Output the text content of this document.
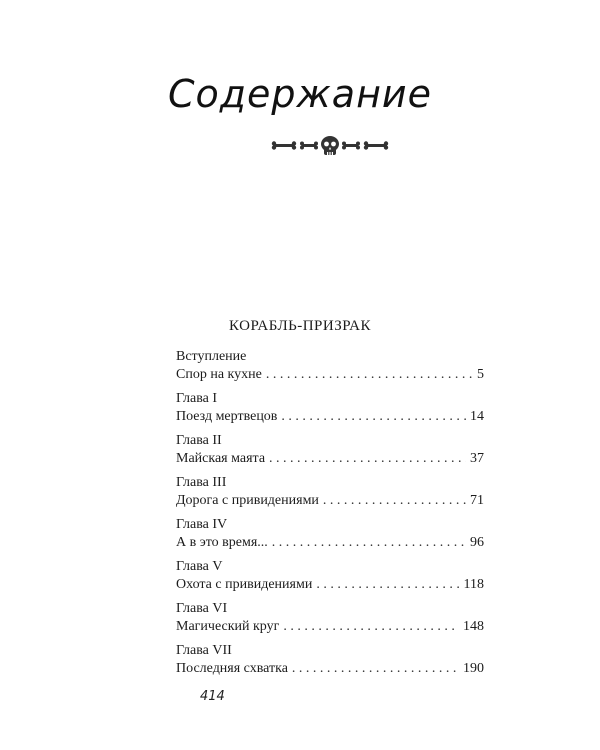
Содержание
КОРАБЛЬ-ПРИЗРАК
Вступление
Спор на кухне . . .	5
Глава I
Поезд мертвецов . . .	14
Глава II
Майская маята . . .	37
Глава III
Дорога с привидениями . . .	71
Глава IV
А в это время... . . .	96
Глава V
Охота с привидениями . . .	118
Глава VI
Магический круг . . .	148
Глава VII
Последняя схватка . . .	190
414
